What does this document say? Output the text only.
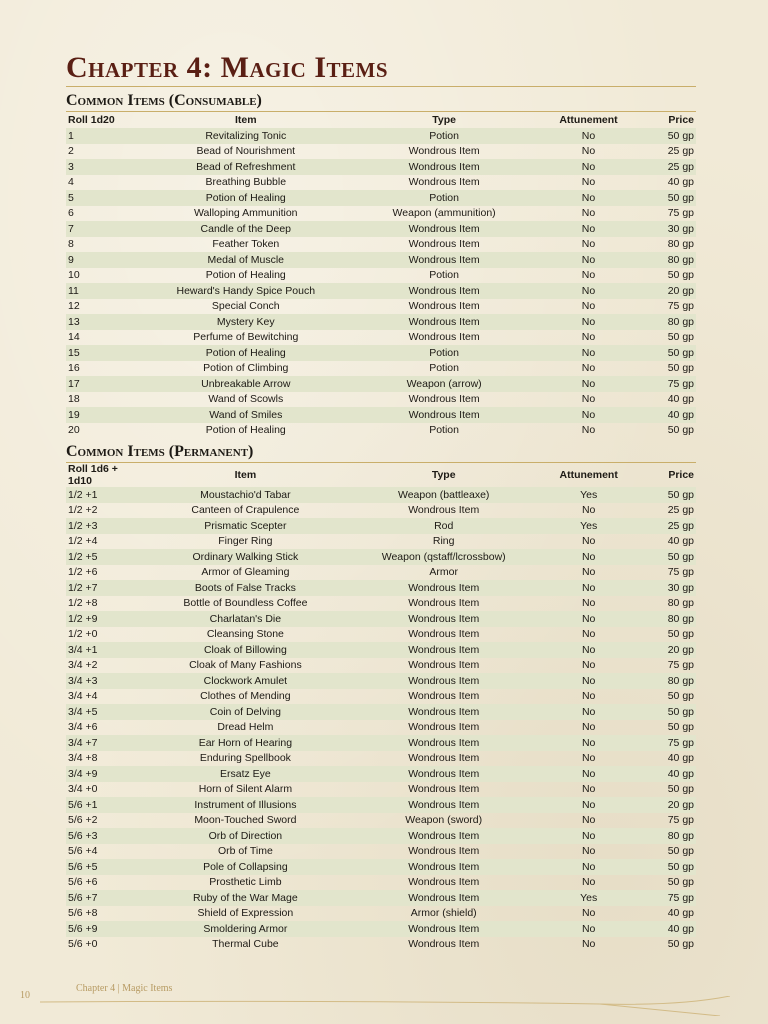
Chapter 4: Magic Items
Common Items (Consumable)
Roll 1d20	Item	Type	Attunement	Price
1	Revitalizing Tonic	Potion	No	50 gp
2	Bead of Nourishment	Wondrous Item	No	25 gp
3	Bead of Refreshment	Wondrous Item	No	25 gp
4	Breathing Bubble	Wondrous Item	No	40 gp
5	Potion of Healing	Potion	No	50 gp
6	Walloping Ammunition	Weapon (ammunition)	No	75 gp
7	Candle of the Deep	Wondrous Item	No	30 gp
8	Feather Token	Wondrous Item	No	80 gp
9	Medal of Muscle	Wondrous Item	No	80 gp
10	Potion of Healing	Potion	No	50 gp
11	Heward's Handy Spice Pouch	Wondrous Item	No	20 gp
12	Special Conch	Wondrous Item	No	75 gp
13	Mystery Key	Wondrous Item	No	80 gp
14	Perfume of Bewitching	Wondrous Item	No	50 gp
15	Potion of Healing	Potion	No	50 gp
16	Potion of Climbing	Potion	No	50 gp
17	Unbreakable Arrow	Weapon (arrow)	No	75 gp
18	Wand of Scowls	Wondrous Item	No	40 gp
19	Wand of Smiles	Wondrous Item	No	40 gp
20	Potion of Healing	Potion	No	50 gp
Common Items (Permanent)
Roll 1d6 + 1d10	Item	Type	Attunement	Price
1/2 +1	Moustachio'd Tabar	Weapon (battleaxe)	Yes	50 gp
1/2 +2	Canteen of Crapulence	Wondrous Item	No	25 gp
1/2 +3	Prismatic Scepter	Rod	Yes	25 gp
1/2 +4	Finger Ring	Ring	No	40 gp
1/2 +5	Ordinary Walking Stick	Weapon (qstaff/lcrossbow)	No	50 gp
1/2 +6	Armor of Gleaming	Armor	No	75 gp
1/2 +7	Boots of False Tracks	Wondrous Item	No	30 gp
1/2 +8	Bottle of Boundless Coffee	Wondrous Item	No	80 gp
1/2 +9	Charlatan's Die	Wondrous Item	No	80 gp
1/2 +0	Cleansing Stone	Wondrous Item	No	50 gp
3/4 +1	Cloak of Billowing	Wondrous Item	No	20 gp
3/4 +2	Cloak of Many Fashions	Wondrous Item	No	75 gp
3/4 +3	Clockwork Amulet	Wondrous Item	No	80 gp
3/4 +4	Clothes of Mending	Wondrous Item	No	50 gp
3/4 +5	Coin of Delving	Wondrous Item	No	50 gp
3/4 +6	Dread Helm	Wondrous Item	No	50 gp
3/4 +7	Ear Horn of Hearing	Wondrous Item	No	75 gp
3/4 +8	Enduring Spellbook	Wondrous Item	No	40 gp
3/4 +9	Ersatz Eye	Wondrous Item	No	40 gp
3/4 +0	Horn of Silent Alarm	Wondrous Item	No	50 gp
5/6 +1	Instrument of Illusions	Wondrous Item	No	20 gp
5/6 +2	Moon-Touched Sword	Weapon (sword)	No	75 gp
5/6 +3	Orb of Direction	Wondrous Item	No	80 gp
5/6 +4	Orb of Time	Wondrous Item	No	50 gp
5/6 +5	Pole of Collapsing	Wondrous Item	No	50 gp
5/6 +6	Prosthetic Limb	Wondrous Item	No	50 gp
5/6 +7	Ruby of the War Mage	Wondrous Item	Yes	75 gp
5/6 +8	Shield of Expression	Armor (shield)	No	40 gp
5/6 +9	Smoldering Armor	Wondrous Item	No	40 gp
5/6 +0	Thermal Cube	Wondrous Item	No	50 gp
10
Chapter 4 | Magic Items
